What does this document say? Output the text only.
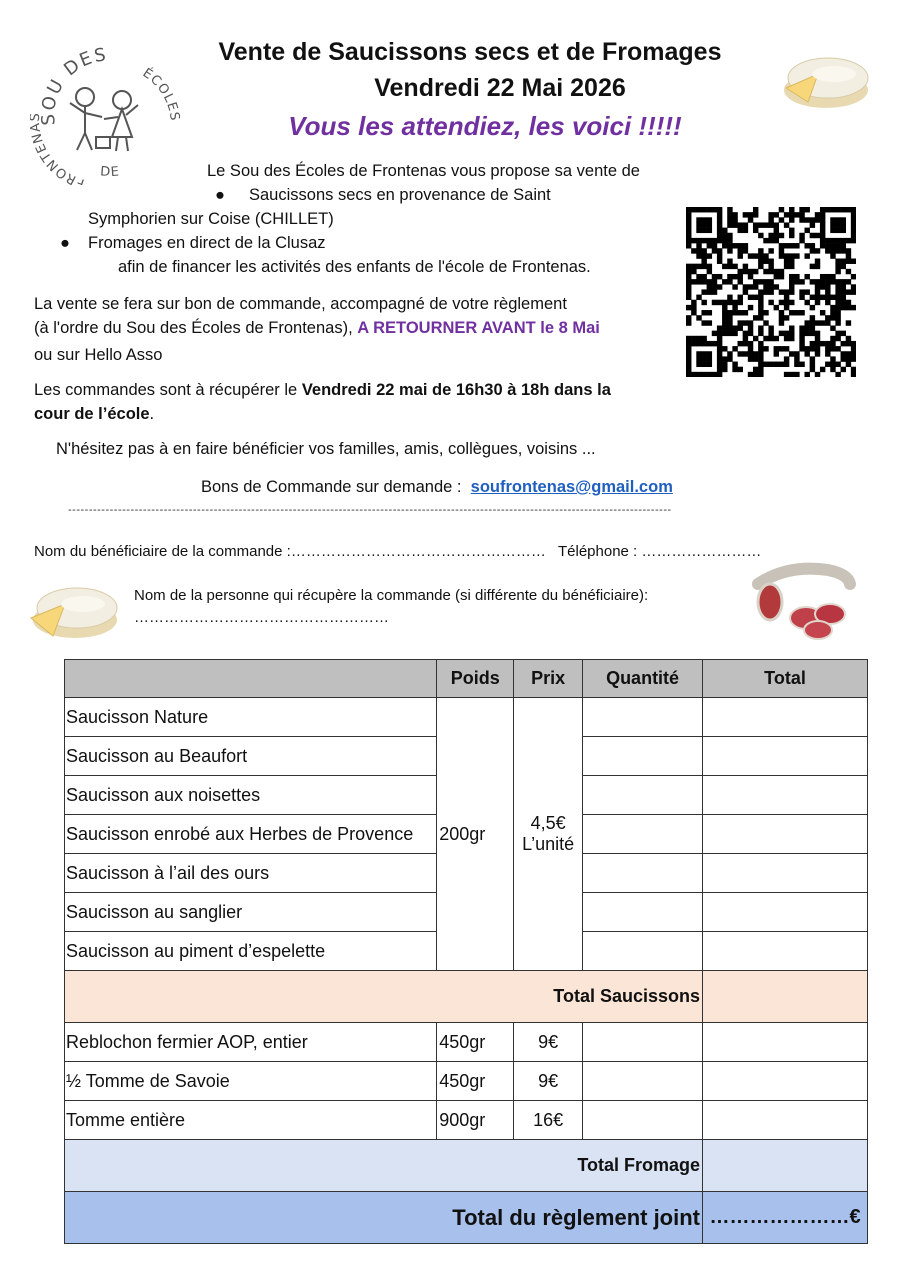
SOU DES
ÉCOLES
FRONTEN
DE
Vente de Saucissons secs et de Fromages
Vendredi 22 Mai 2026
Vous les attendiez, les voici !!!!!
Le Sou des Écoles de Frontenas vous propose sa vente de
● Saucissons secs en provenance de Saint
Symphorien sur Coise (CHILLET)
● Fromages en direct de la Clusaz
afin de financer les activités des enfants de l'école de Frontenas.
La vente se fera sur bon de commande, accompagné de votre règlement
(à l'ordre du Sou des Écoles de Frontenas), A RETOURNER AVANT le 8 Mai
ou sur Hello Asso
Les commandes sont à récupérer le Vendredi 22 mai de 16h30 à 18h dans la
cour de l’école.
N'hésitez pas à en faire bénéficier vos familles, amis, collègues, voisins ...
Bons de Commande sur demande : soufrontenas@gmail.com
-------------------------------------------------------------------------------------------------------------------------------------------------
Nom du bénéficiaire de la commande :…………………………………………… Téléphone : ……………………
Nom de la personne qui récupère la commande (si différente du bénéficiaire):
……………………………………………
	Poids	Prix	Quantité	Total
Saucisson Nature	200gr	4,5€
L’unité		

Saucisson au Beaufort				
Saucisson aux noisettes				
Saucisson enrobé aux Herbes de Provence				
Saucisson à l’ail des ours				
Saucisson au sanglier				
Saucisson au piment d’espelette				
Total Saucissons				
Reblochon fermier AOP, entier	450gr	9€		
½ Tomme de Savoie	450gr	9€		
Tomme entière	900gr	16€		
Total Fromage				
Total du règlement joint				…………………€
